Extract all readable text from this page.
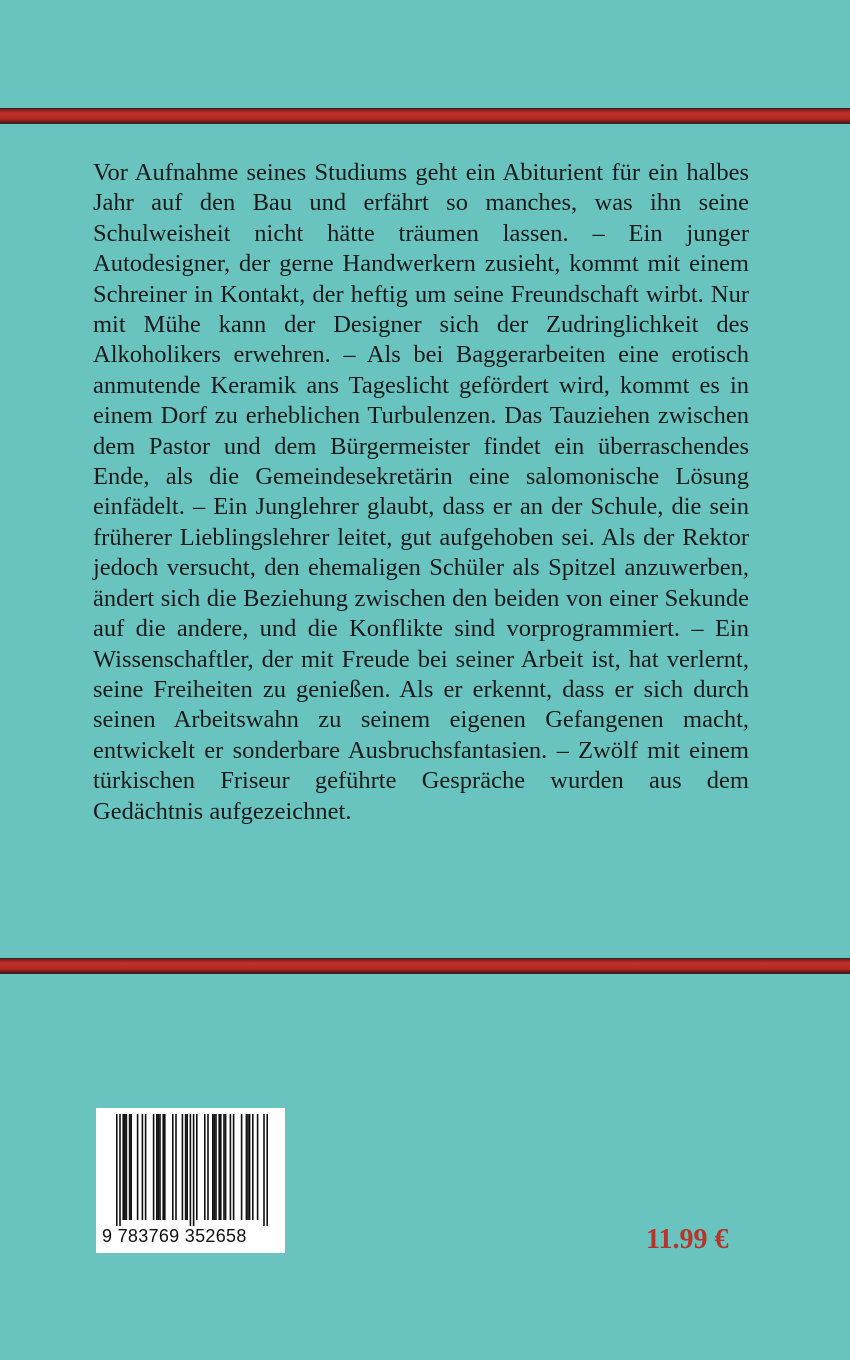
Vor Aufnahme seines Studiums geht ein Abiturient für ein halbes Jahr auf den Bau und erfährt so manches, was ihn seine Schulweisheit nicht hätte träumen lassen. – Ein junger Autodesigner, der gerne Handwerkern zusieht, kommt mit einem Schreiner in Kontakt, der heftig um seine Freundschaft wirbt. Nur mit Mühe kann der Designer sich der Zudringlichkeit des Alkoholikers erwehren. – Als bei Baggerarbeiten eine erotisch anmutende Keramik ans Tageslicht gefördert wird, kommt es in einem Dorf zu erheblichen Turbulenzen. Das Tauziehen zwischen dem Pastor und dem Bürgermeister findet ein überraschendes Ende, als die Gemeindesekretärin eine salomonische Lösung einfädelt. – Ein Junglehrer glaubt, dass er an der Schule, die sein früherer Lieblingslehrer leitet, gut aufgehoben sei. Als der Rektor jedoch versucht, den ehemaligen Schüler als Spitzel anzuwerben, ändert sich die Beziehung zwischen den beiden von einer Sekunde auf die andere, und die Konflikte sind vorprogrammiert. – Ein Wissenschaftler, der mit Freude bei seiner Arbeit ist, hat verlernt, seine Freiheiten zu genießen. Als er erkennt, dass er sich durch seinen Arbeitswahn zu seinem eigenen Gefangenen macht, entwickelt er sonderbare Ausbruchsfantasien. – Zwölf mit einem türkischen Friseur geführte Gespräche wurden aus dem Gedächtnis aufgezeichnet.

9 783769 352658	11.99 €
